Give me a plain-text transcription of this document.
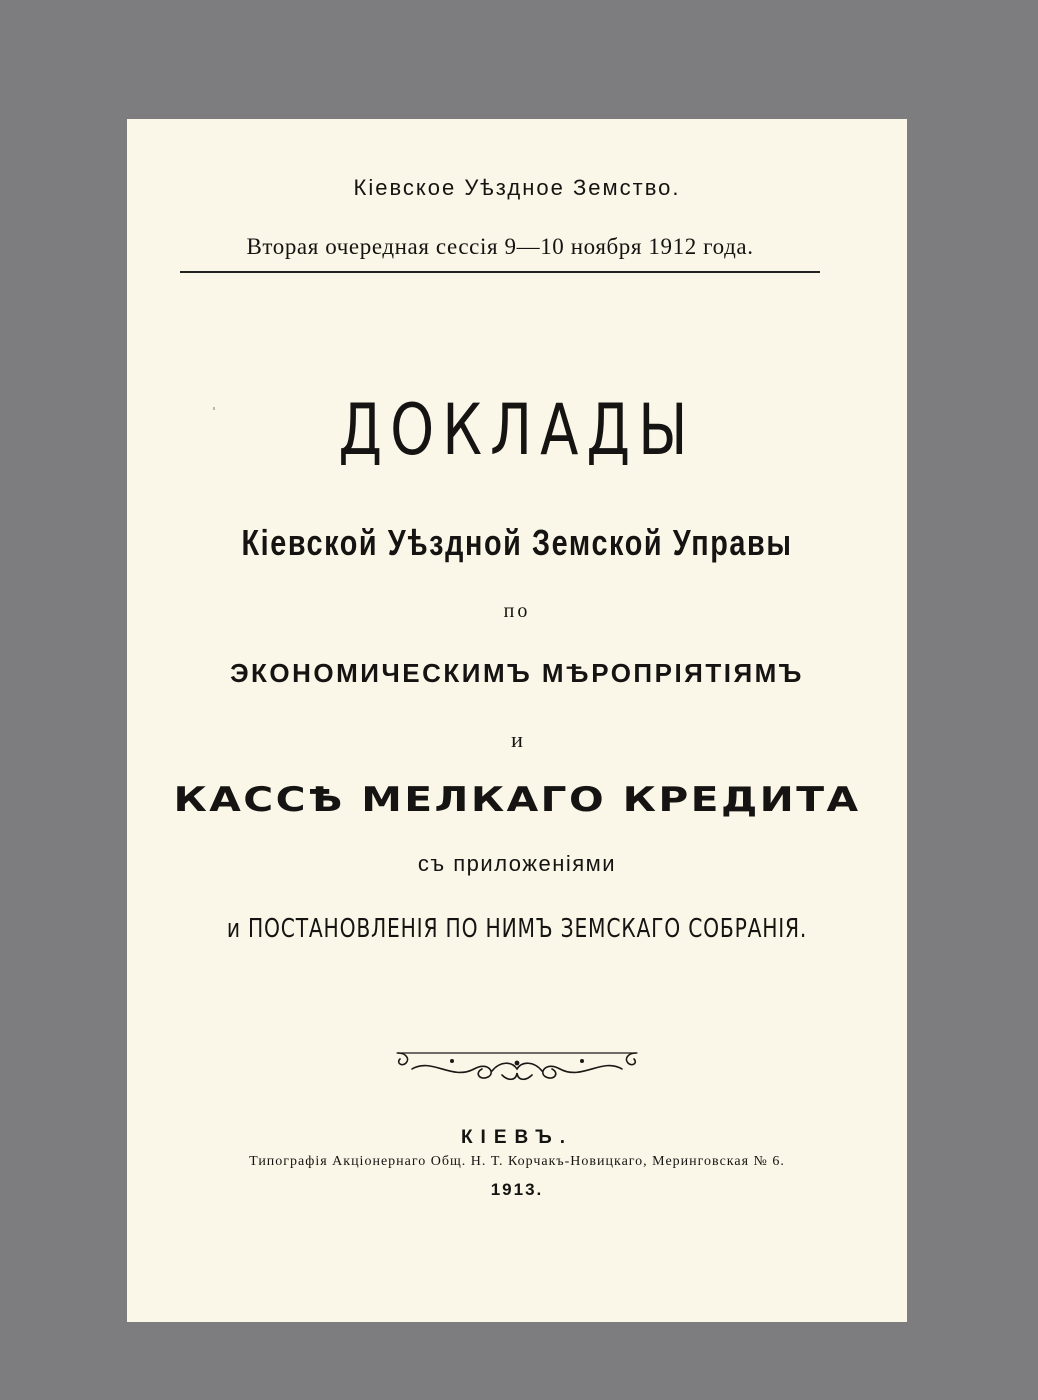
Кіевское Уѣздное Земство.
Вторая очередная сессія 9—10 ноября 1912 года.
ДОКЛАДЫ
Кіевской Уѣздной Земской Управы
по
ЭКОНОМИЧЕСКИМЪ МѢРОПРІЯТІЯМЪ
и
КАССѢ МЕЛКАГО КРЕДИТА
съ приложеніями
и ПОСТАНОВЛЕНІЯ ПО НИМЪ ЗЕМСКАГО СОБРАНІЯ.
КІЕВЪ.
Типографія Акціонернаго Общ. Н. Т. Корчакъ-Новицкаго, Меринговская № 6.
1913.
